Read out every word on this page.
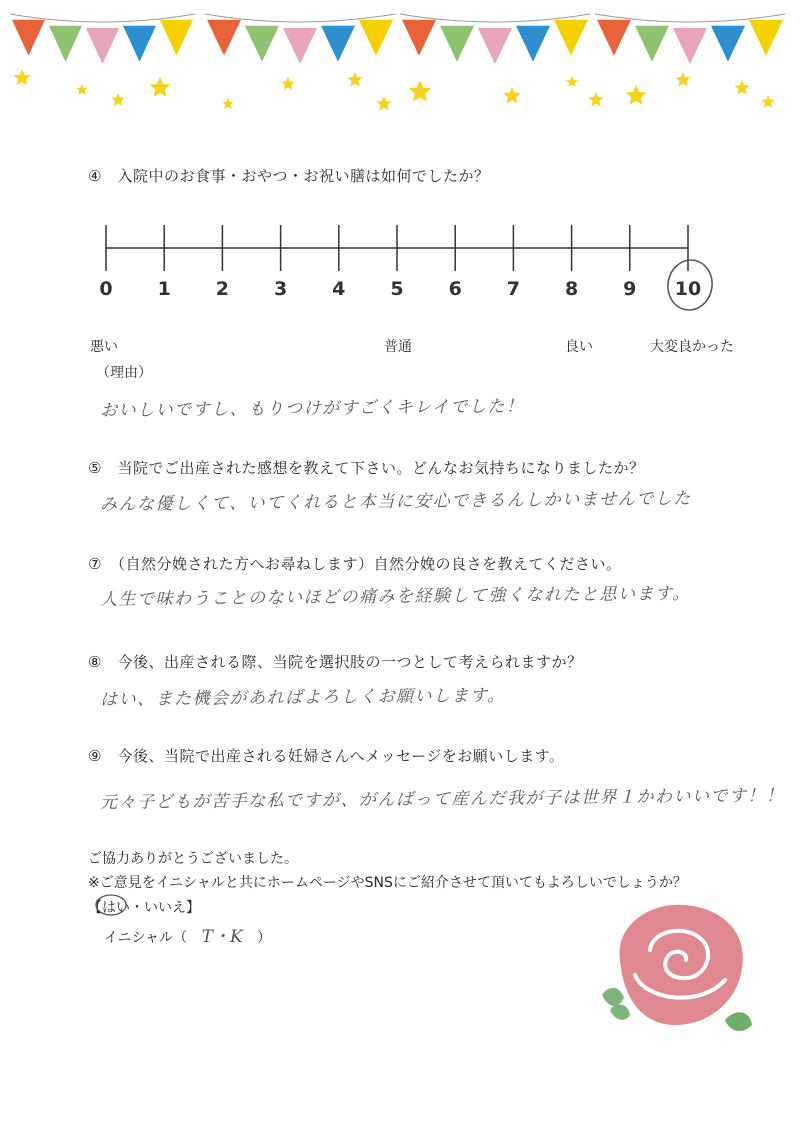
④　入院中のお食事・おやつ・お祝い膳は如何でしたか？
0 1 2 3 4 5 6 7 8 9 10
悪い	普通	良い	大変良かった
（理由）
おいしいですし、もりつけがすごくキレイでした！
⑤　当院でご出産された感想を教えて下さい。どんなお気持ちになりましたか？
みんな優しくて、いてくれると本当に安心できるんしかいませんでした
⑦　（自然分娩された方へお尋ねします）自然分娩の良さを教えてください。
人生で味わうことのないほどの痛みを経験して強くなれたと思います。
⑧　今後、出産される際、当院を選択肢の一つとして考えられますか？
はい、また機会があればよろしくお願いします。
⑨　今後、当院で出産される妊婦さんへメッセージをお願いします。
元々子どもが苦手な私ですが、がんばって産んだ我が子は世界１かわいいです！！
ご協力ありがとうございました。
※ご意見をイニシャルと共にホームページやSNSにご紹介させて頂いてもよろしいでしょうか？
【はい・いいえ】
イニシャル（ T・K ）
